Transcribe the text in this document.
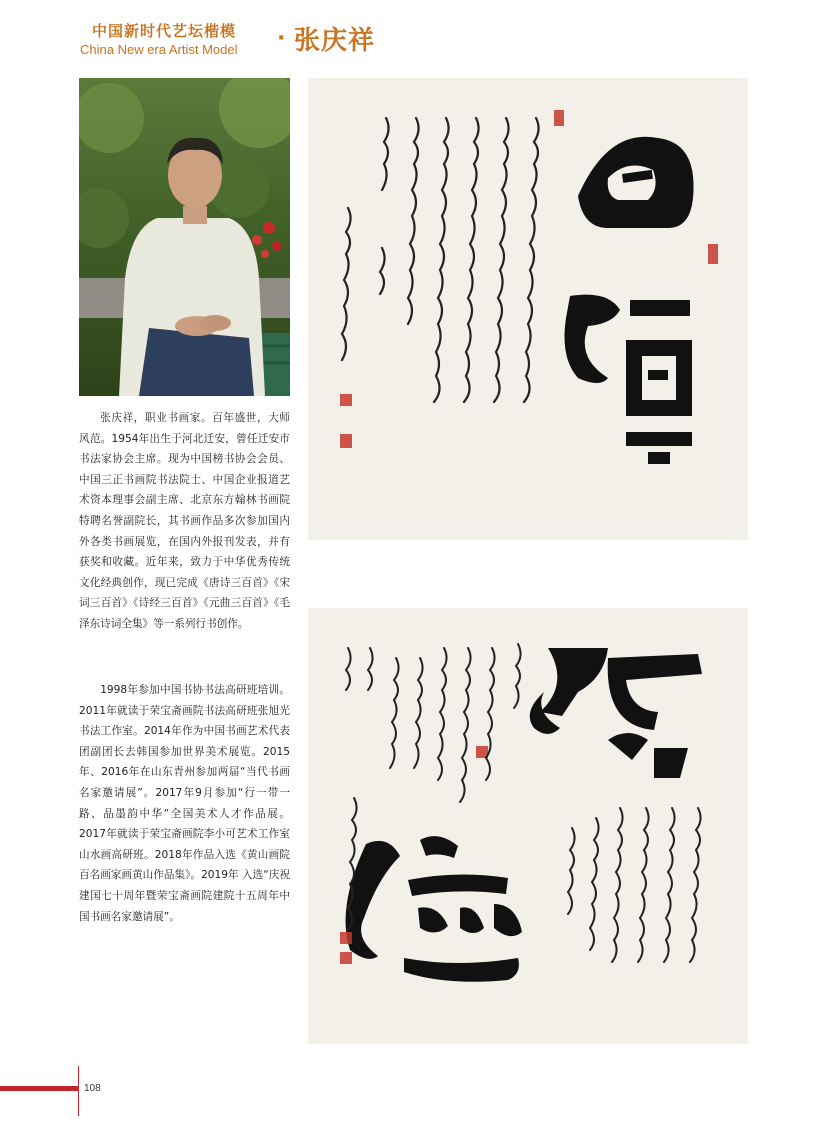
中国新时代艺坛楷模
China New era Artist Model · 张庆祥

张庆祥，职业书画家。百年盛世，大师风范。1954年出生于河北迁安，曾任迁安市书法家协会主席。现为中国榜书协会会员、中国三正书画院书法院士、中国企业报道艺术资本理事会副主席、北京东方翰林书画院特聘名誉副院长，其书画作品多次参加国内外各类书画展览，在国内外报刊发表，并有获奖和收藏。近年来，致力于中华优秀传统文化经典创作，现已完成《唐诗三百首》《宋词三百首》《诗经三百首》《元曲三百首》《毛泽东诗词全集》等一系列行书创作。

1998年参加中国书协书法高研班培训。2011年就读于荣宝斋画院书法高研班张旭光书法工作室。2014年作为中国书画艺术代表团副团长去韩国参加世界美术展览。2015年、2016年在山东青州参加两届“当代书画名家邀请展”。2017年9月参加“行一带一路、品墨韵中华”全国美术人才作品展。2017年就读于荣宝斋画院李小可艺术工作室山水画高研班。2018年作品入选《黄山画院百名画家画黄山作品集》。2019年 入选“庆祝建国七十周年暨荣宝斋画院建院十五周年中国书画名家邀请展”。

108
